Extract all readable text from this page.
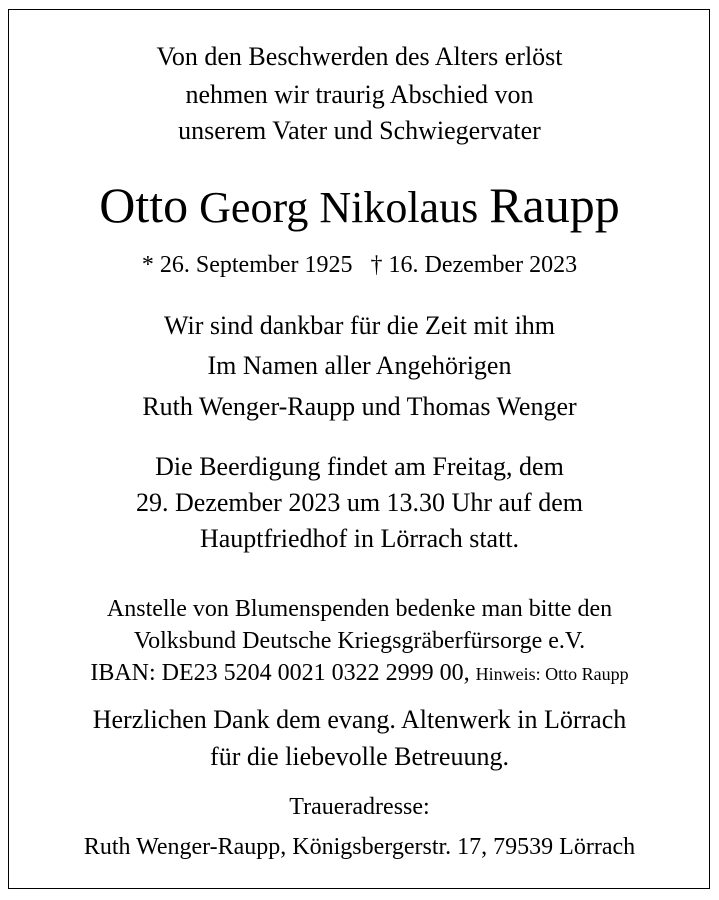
Von den Beschwerden des Alters erlöst
nehmen wir traurig Abschied von
unserem Vater und Schwiegervater
Otto Georg Nikolaus Raupp
* 26. September 1925 † 16. Dezember 2023
Wir sind dankbar für die Zeit mit ihm
Im Namen aller Angehörigen
Ruth Wenger-Raupp und Thomas Wenger
Die Beerdigung findet am Freitag, dem
29. Dezember 2023 um 13.30 Uhr auf dem
Hauptfriedhof in Lörrach statt.
Anstelle von Blumenspenden bedenke man bitte den
Volksbund Deutsche Kriegsgräberfürsorge e.V.
IBAN: DE23 5204 0021 0322 2999 00, Hinweis: Otto Raupp
Herzlichen Dank dem evang. Altenwerk in Lörrach
für die liebevolle Betreuung.
Traueradresse:
Ruth Wenger-Raupp, Königsbergerstr. 17, 79539 Lörrach
